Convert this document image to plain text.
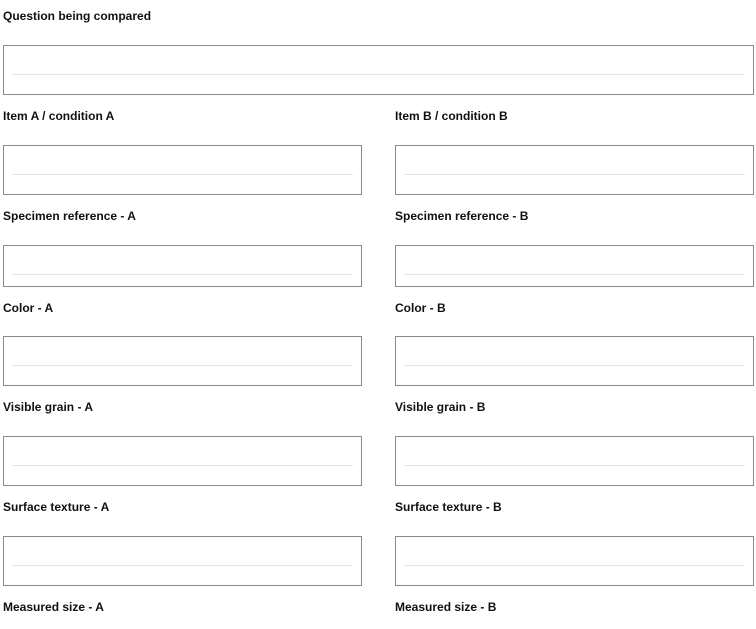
Question being compared
Item A / condition A	Item B / condition B
Specimen reference - A	Specimen reference - B
Color - A	Color - B
Visible grain - A	Visible grain - B
Surface texture - A	Surface texture - B
Measured size - A	Measured size - B
